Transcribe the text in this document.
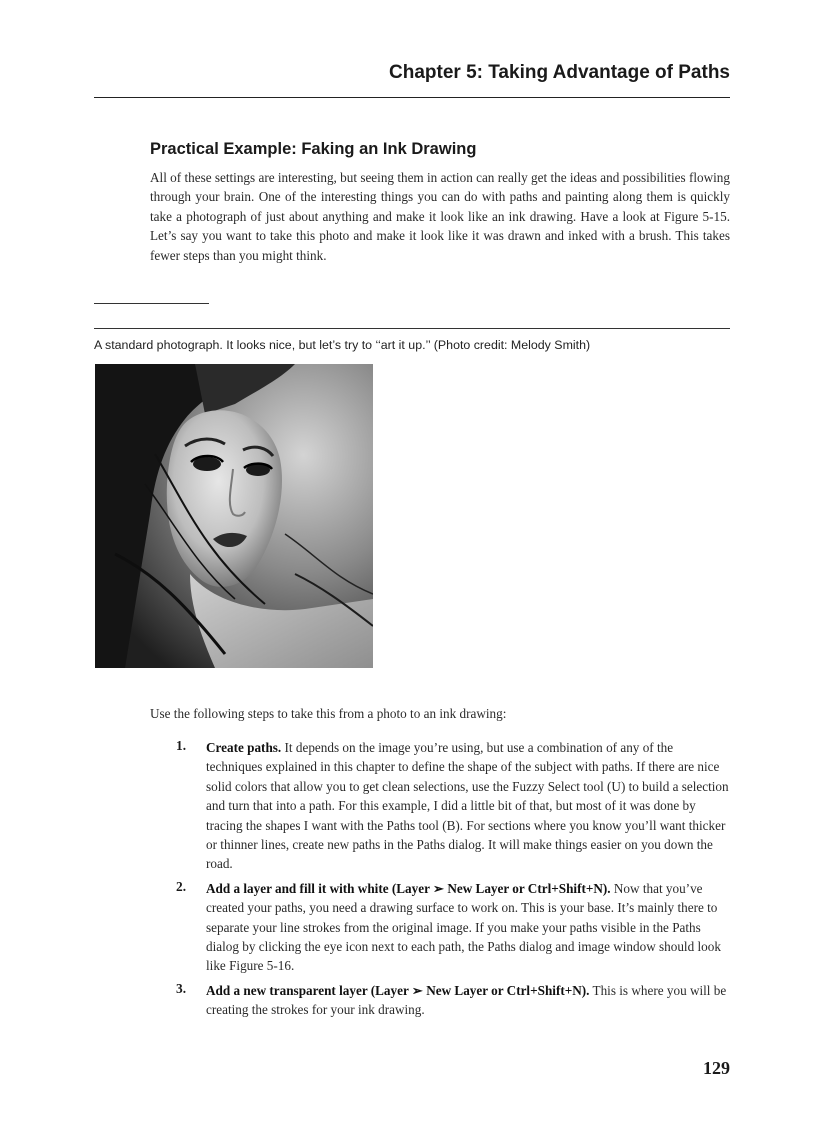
Chapter 5: Taking Advantage of Paths
Practical Example: Faking an Ink Drawing

All of these settings are interesting, but seeing them in action can really get the ideas and possibilities flowing through your brain. One of the interesting things you can do with paths and painting along them is quickly take a photograph of just about anything and make it look like an ink drawing. Have a look at Figure 5-15. Let’s say you want to take this photo and make it look like it was drawn and inked with a brush. This takes fewer steps than you might think.

A standard photograph. It looks nice, but let’s try to ‘‘art it up.’’ (Photo credit: Melody Smith)

Use the following steps to take this from a photo to an ink drawing:

1.	Create paths. It depends on the image you’re using, but use a combination of any of the techniques explained in this chapter to define the shape of the subject with paths. If there are nice solid colors that allow you to get clean selections, use the Fuzzy Select tool (U) to build a selection and turn that into a path. For this example, I did a little bit of that, but most of it was done by tracing the shapes I want with the Paths tool (B). For sections where you know you’ll want thicker or thinner lines, create new paths in the Paths dialog. It will make things easier on you down the road.
2.	Add a layer and fill it with white (Layer ➢ New Layer or Ctrl+Shift+N). Now that you’ve created your paths, you need a drawing surface to work on. This is your base. It’s mainly there to separate your line strokes from the original image. If you make your paths visible in the Paths dialog by clicking the eye icon next to each path, the Paths dialog and image window should look like Figure 5-16.
3.	Add a new transparent layer (Layer ➢ New Layer or Ctrl+Shift+N). This is where you will be creating the strokes for your ink drawing.
129
